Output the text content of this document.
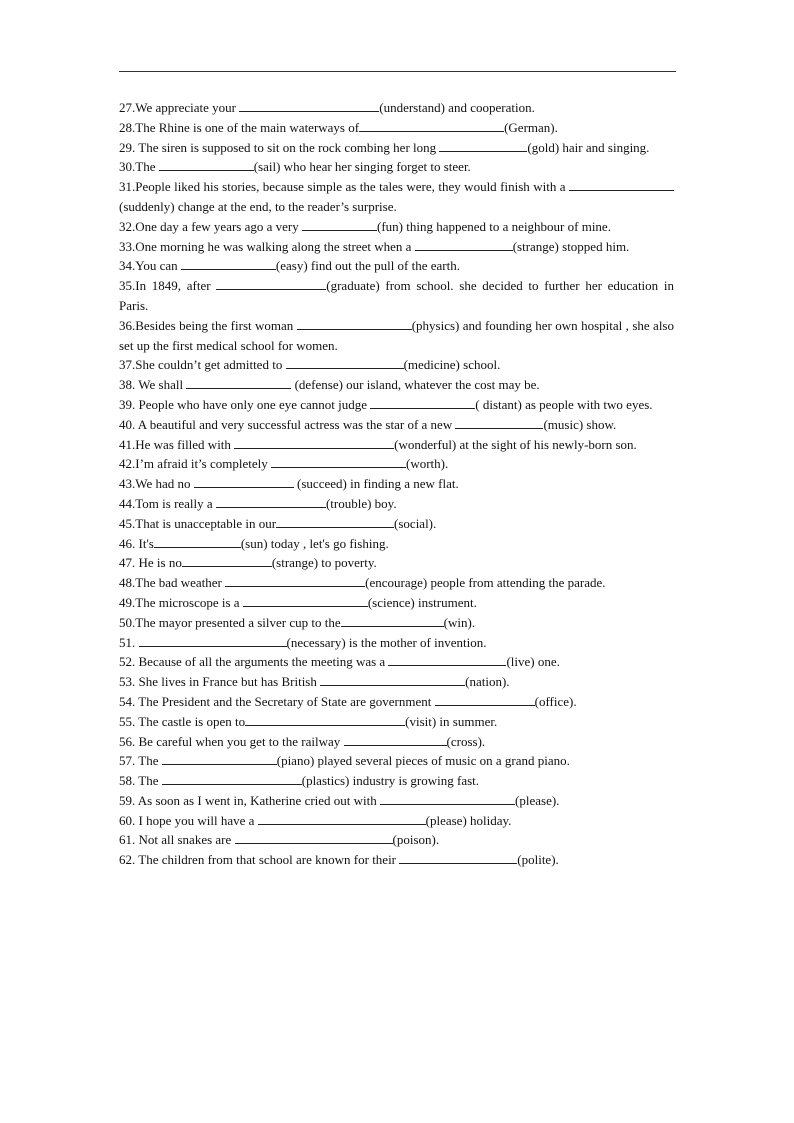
27.We appreciate your	(understand) and cooperation.
28.The Rhine is one of the main waterways of	(German).
29. The siren is supposed to sit on the rock combing her long	(gold) hair and singing.
30.The	(sail) who hear her singing forget to steer.
31.People liked his stories, because simple as the tales were, they would finish with a (suddenly) change at the end, to the reader’s surprise.
32.One day a few years ago a very	(fun) thing happened to a neighbour of mine.
33.One morning he was walking along the street when a	(strange) stopped him.
34.You can	(easy) find out the pull of the earth.
35.In 1849, after	(graduate) from school. she decided to further her education in Paris.
36.Besides being the first woman	(physics) and founding her own hospital , she also set up the first medical school for women.
37.She couldn’t get admitted to	(medicine) school.
38. We shall	(defense) our island, whatever the cost may be.
39. People who have only one eye cannot judge	( distant) as people with two eyes.
40. A beautiful and very successful actress was the star of a new	(music) show.
41.He was filled with	(wonderful) at the sight of his newly-born son.
42.I’m afraid it’s completely	(worth).
43.We had no	(succeed) in finding a new flat.
44.Tom is really a	(trouble) boy.
45.That is unacceptable in our	(social).
46. It's	(sun) today , let's go fishing.
47. He is no	(strange) to poverty.
48.The bad weather	(encourage) people from attending the parade.
49.The microscope is a	(science) instrument.
50.The mayor presented a silver cup to the	(win).
51.	(necessary) is the mother of invention.
52. Because of all the arguments the meeting was a	(live) one.
53. She lives in France but has British	(nation).
54. The President and the Secretary of State are government	(office).
55. The castle is open to	(visit) in summer.
56. Be careful when you get to the railway	(cross).
57. The	(piano) played several pieces of music on a grand piano.
58. The	(plastics) industry is growing fast.
59. As soon as I went in, Katherine cried out with	(please).
60. I hope you will have a	(please) holiday.
61. Not all snakes are	(poison).
62. The children from that school are known for their	(polite).
